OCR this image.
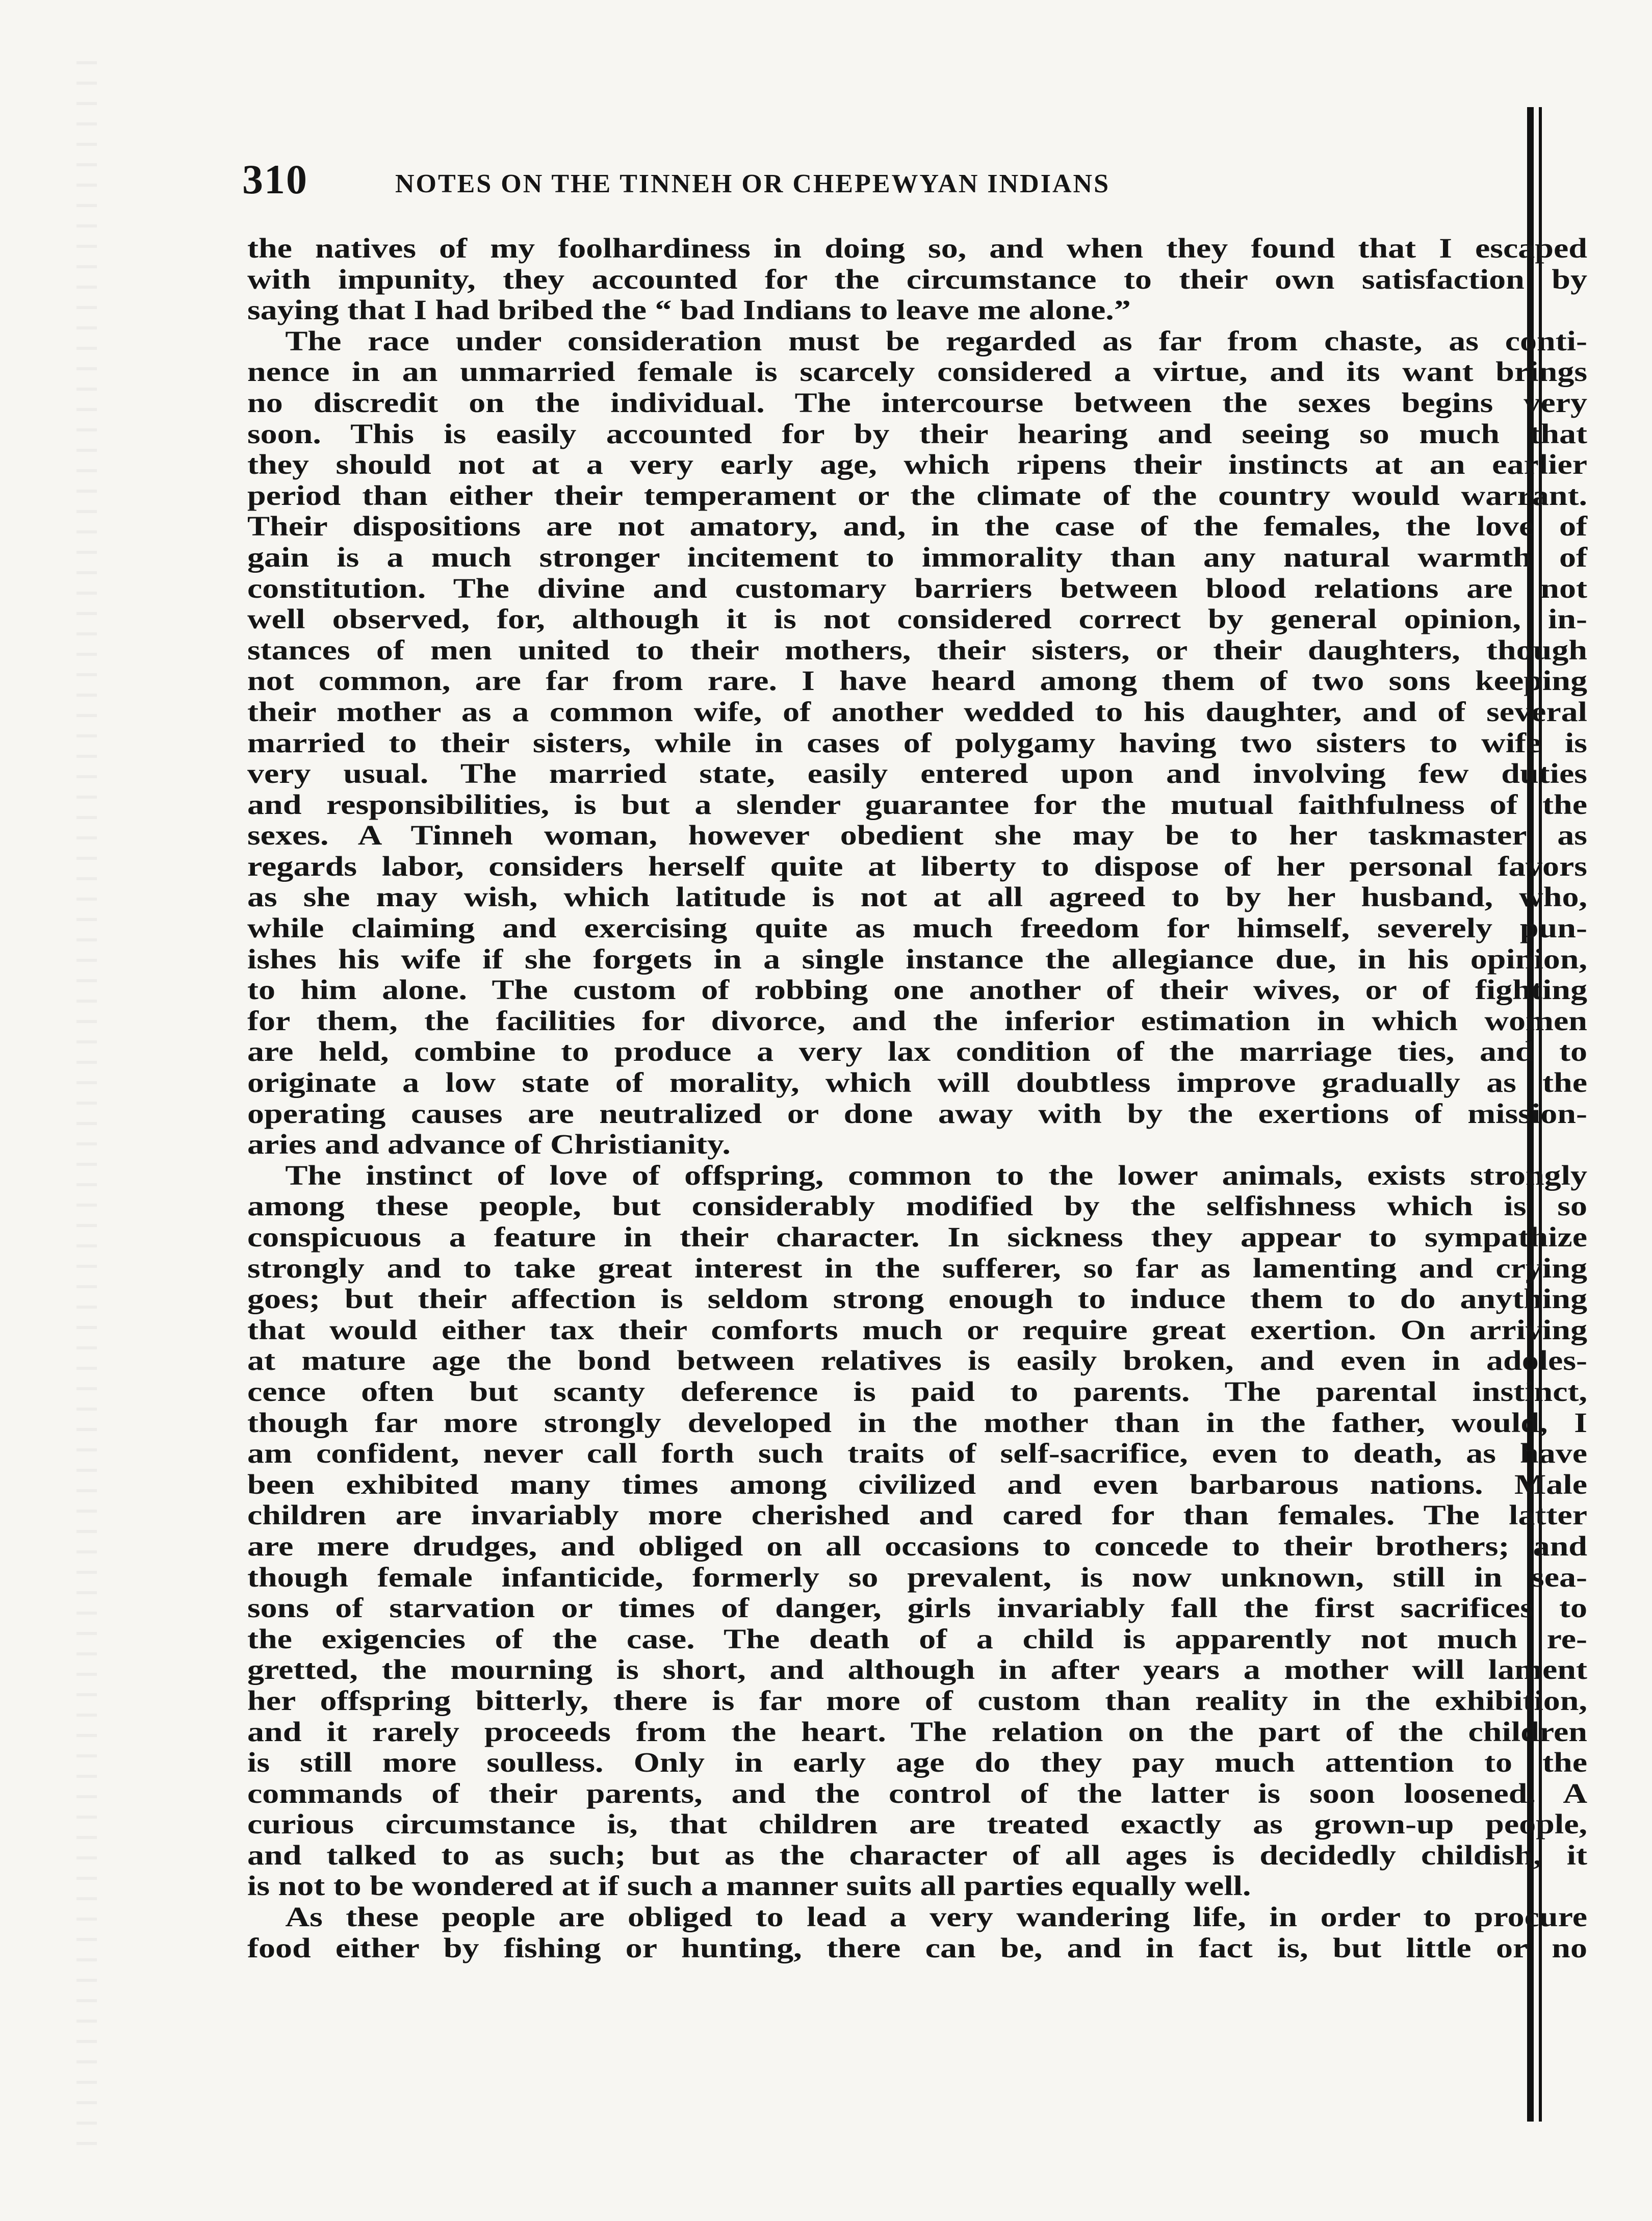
310	NOTES ON THE TINNEH OR CHEPEWYAN INDIANS
the natives of my foolhardiness in doing so, and when they found that I escaped
with impunity, they accounted for the circumstance to their own satisfaction by
saying that I had bribed the “ bad Indians to leave me alone.”
The race under consideration must be regarded as far from chaste, as conti-
nence in an unmarried female is scarcely considered a virtue, and its want brings
no discredit on the individual. The intercourse between the sexes begins very
soon. This is easily accounted for by their hearing and seeing so much that
they should not at a very early age, which ripens their instincts at an earlier
period than either their temperament or the climate of the country would warrant.
Their dispositions are not amatory, and, in the case of the females, the love of
gain is a much stronger incitement to immorality than any natural warmth of
constitution. The divine and customary barriers between blood relations are not
well observed, for, although it is not considered correct by general opinion, in-
stances of men united to their mothers, their sisters, or their daughters, though
not common, are far from rare. I have heard among them of two sons keeping
their mother as a common wife, of another wedded to his daughter, and of several
married to their sisters, while in cases of polygamy having two sisters to wife is
very usual. The married state, easily entered upon and involving few duties
and responsibilities, is but a slender guarantee for the mutual faithfulness of the
sexes. A Tinneh woman, however obedient she may be to her taskmaster as
regards labor, considers herself quite at liberty to dispose of her personal favors
as she may wish, which latitude is not at all agreed to by her husband, who,
while claiming and exercising quite as much freedom for himself, severely pun-
ishes his wife if she forgets in a single instance the allegiance due, in his opinion,
to him alone. The custom of robbing one another of their wives, or of fighting
for them, the facilities for divorce, and the inferior estimation in which women
are held, combine to produce a very lax condition of the marriage ties, and to
originate a low state of morality, which will doubtless improve gradually as the
operating causes are neutralized or done away with by the exertions of mission-
aries and advance of Christianity.
The instinct of love of offspring, common to the lower animals, exists strongly
among these people, but considerably modified by the selfishness which is so
conspicuous a feature in their character. In sickness they appear to sympathize
strongly and to take great interest in the sufferer, so far as lamenting and crying
goes; but their affection is seldom strong enough to induce them to do anything
that would either tax their comforts much or require great exertion. On arriving
at mature age the bond between relatives is easily broken, and even in adoles-
cence often but scanty deference is paid to parents. The parental instinct,
though far more strongly developed in the mother than in the father, would, I
am confident, never call forth such traits of self-sacrifice, even to death, as have
been exhibited many times among civilized and even barbarous nations. Male
children are invariably more cherished and cared for than females. The latter
are mere drudges, and obliged on all occasions to concede to their brothers; and
though female infanticide, formerly so prevalent, is now unknown, still in sea-
sons of starvation or times of danger, girls invariably fall the first sacrifices to
the exigencies of the case. The death of a child is apparently not much re-
gretted, the mourning is short, and although in after years a mother will lament
her offspring bitterly, there is far more of custom than reality in the exhibition,
and it rarely proceeds from the heart. The relation on the part of the children
is still more soulless. Only in early age do they pay much attention to the
commands of their parents, and the control of the latter is soon loosened. A
curious circumstance is, that children are treated exactly as grown-up people,
and talked to as such; but as the character of all ages is decidedly childish, it
is not to be wondered at if such a manner suits all parties equally well.
As these people are obliged to lead a very wandering life, in order to procure
food either by fishing or hunting, there can be, and in fact is, but little or no
